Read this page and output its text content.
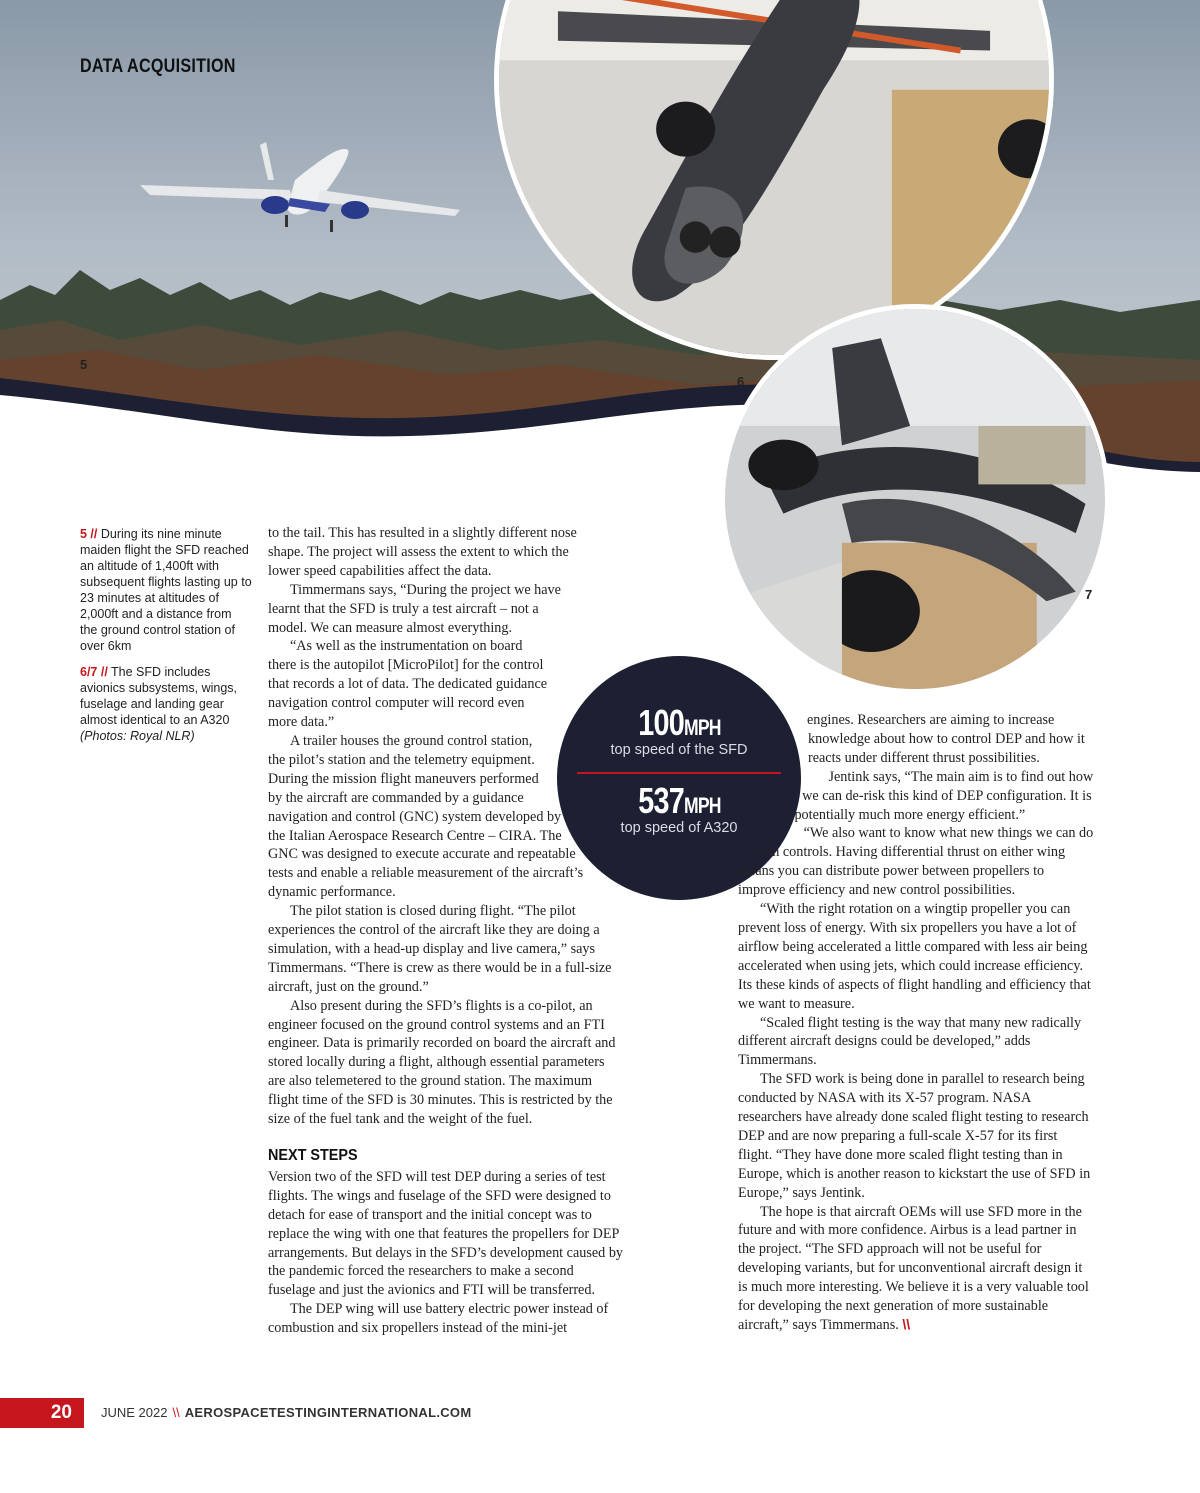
DATA ACQUISITION
5
6
7

5 // During its nine minute maiden flight the SFD reached an altitude of 1,400ft with subsequent flights lasting up to 23 minutes at altitudes of 2,000ft and a distance from the ground control station of over 6km

6/7 // The SFD includes avionics subsystems, wings, fuselage and landing gear almost identical to an A320 (Photos: Royal NLR)

to the tail. This has resulted in a slightly different nose shape. The project will assess the extent to which the lower speed capabilities affect the data.

Timmermans says, “During the project we have learnt that the SFD is truly a test aircraft – not a model. We can measure almost everything.

“As well as the instrumentation on board there is the autopilot [MicroPilot] for the control that records a lot of data. The dedicated guidance navigation control computer will record even more data.”

A trailer houses the ground control station, the pilot’s station and the telemetry equipment. During the mission flight maneuvers performed by the aircraft are commanded by a guidance navigation and control (GNC) system developed by the Italian Aerospace Research Centre – CIRA. The GNC was designed to execute accurate and repeatable tests and enable a reliable measurement of the aircraft’s dynamic performance.

The pilot station is closed during flight. “The pilot experiences the control of the aircraft like they are doing a simulation, with a head-up display and live camera,” says Timmermans. “There is crew as there would be in a full-size aircraft, just on the ground.”

Also present during the SFD’s flights is a co-pilot, an engineer focused on the ground control systems and an FTI engineer. Data is primarily recorded on board the aircraft and stored locally during a flight, although essential parameters are also telemetered to the ground station. The maximum flight time of the SFD is 30 minutes. This is restricted by the size of the fuel tank and the weight of the fuel.

NEXT STEPS

Version two of the SFD will test DEP during a series of test flights. The wings and fuselage of the SFD were designed to detach for ease of transport and the initial concept was to replace the wing with one that features the propellers for DEP arrangements. But delays in the SFD’s development caused by the pandemic forced the researchers to make a second fuselage and just the avionics and FTI will be transferred.

The DEP wing will use battery electric power instead of combustion and six propellers instead of the mini-jet

100MPH
top speed of the SFD
537MPH
top speed of A320

engines. Researchers are aiming to increase knowledge about how to control DEP and how it reacts under different thrust possibilities.

Jentink says, “The main aim is to find out how we can de-risk this kind of DEP configuration. It is potentially much more energy efficient.”

“We also want to know what new things we can do with controls. Having differential thrust on either wing means you can distribute power between propellers to improve efficiency and new control possibilities.

“With the right rotation on a wingtip propeller you can prevent loss of energy. With six propellers you have a lot of airflow being accelerated a little compared with less air being accelerated when using jets, which could increase efficiency. Its these kinds of aspects of flight handling and efficiency that we want to measure.

“Scaled flight testing is the way that many new radically different aircraft designs could be developed,” adds Timmermans.

The SFD work is being done in parallel to research being conducted by NASA with its X-57 program. NASA researchers have already done scaled flight testing to research DEP and are now preparing a full-scale X-57 for its first flight. “They have done more scaled flight testing than in Europe, which is another reason to kickstart the use of SFD in Europe,” says Jentink.

The hope is that aircraft OEMs will use SFD more in the future and with more confidence. Airbus is a lead partner in the project. “The SFD approach will not be useful for developing variants, but for unconventional aircraft design it is much more interesting. We believe it is a very valuable tool for developing the next generation of more sustainable aircraft,” says Timmermans. \\

20	JUNE 2022 \\ AEROSPACETESTINGINTERNATIONAL.COM
